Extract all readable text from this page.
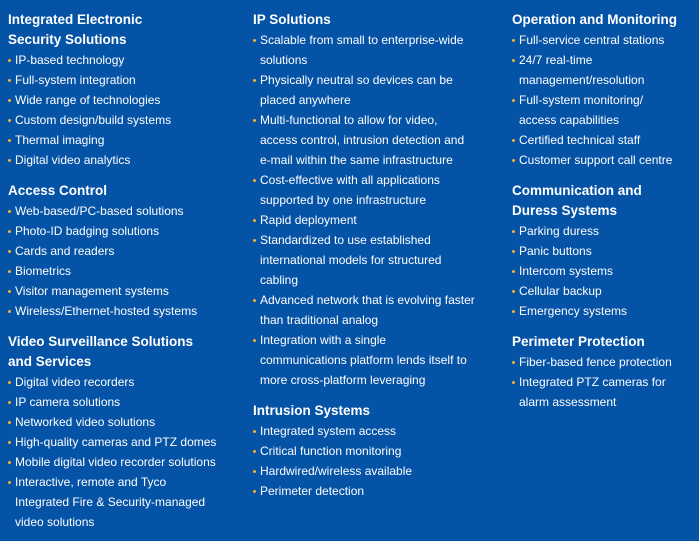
Integrated Electronic
Security Solutions
IP-based technology
Full-system integration
Wide range of technologies
Custom design/build systems
Thermal imaging
Digital video analytics
Access Control
Web-based/PC-based solutions
Photo-ID badging solutions
Cards and readers
Biometrics
Visitor management systems
Wireless/Ethernet-hosted systems
Video Surveillance Solutions
and Services
Digital video recorders
IP camera solutions
Networked video solutions
High-quality cameras and PTZ domes
Mobile digital video recorder solutions
Interactive, remote and Tyco
Integrated Fire & Security-managed
video solutions
IP Solutions
Scalable from small to enterprise-wide
solutions
Physically neutral so devices can be
placed anywhere
Multi-functional to allow for video,
access control, intrusion detection and
e-mail within the same infrastructure
Cost-effective with all applications
supported by one infrastructure
Rapid deployment
Standardized to use established
international models for structured
cabling
Advanced network that is evolving faster
than traditional analog
Integration with a single
communications platform lends itself to
more cross-platform leveraging
Intrusion Systems
Integrated system access
Critical function monitoring
Hardwired/wireless available
Perimeter detection
Operation and Monitoring
Full-service central stations
24/7 real-time
management/resolution
Full-system monitoring/
access capabilities
Certified technical staff
Customer support call centre
Communication and
Duress Systems
Parking duress
Panic buttons
Intercom systems
Cellular backup
Emergency systems
Perimeter Protection
Fiber-based fence protection
Integrated PTZ cameras for
alarm assessment
